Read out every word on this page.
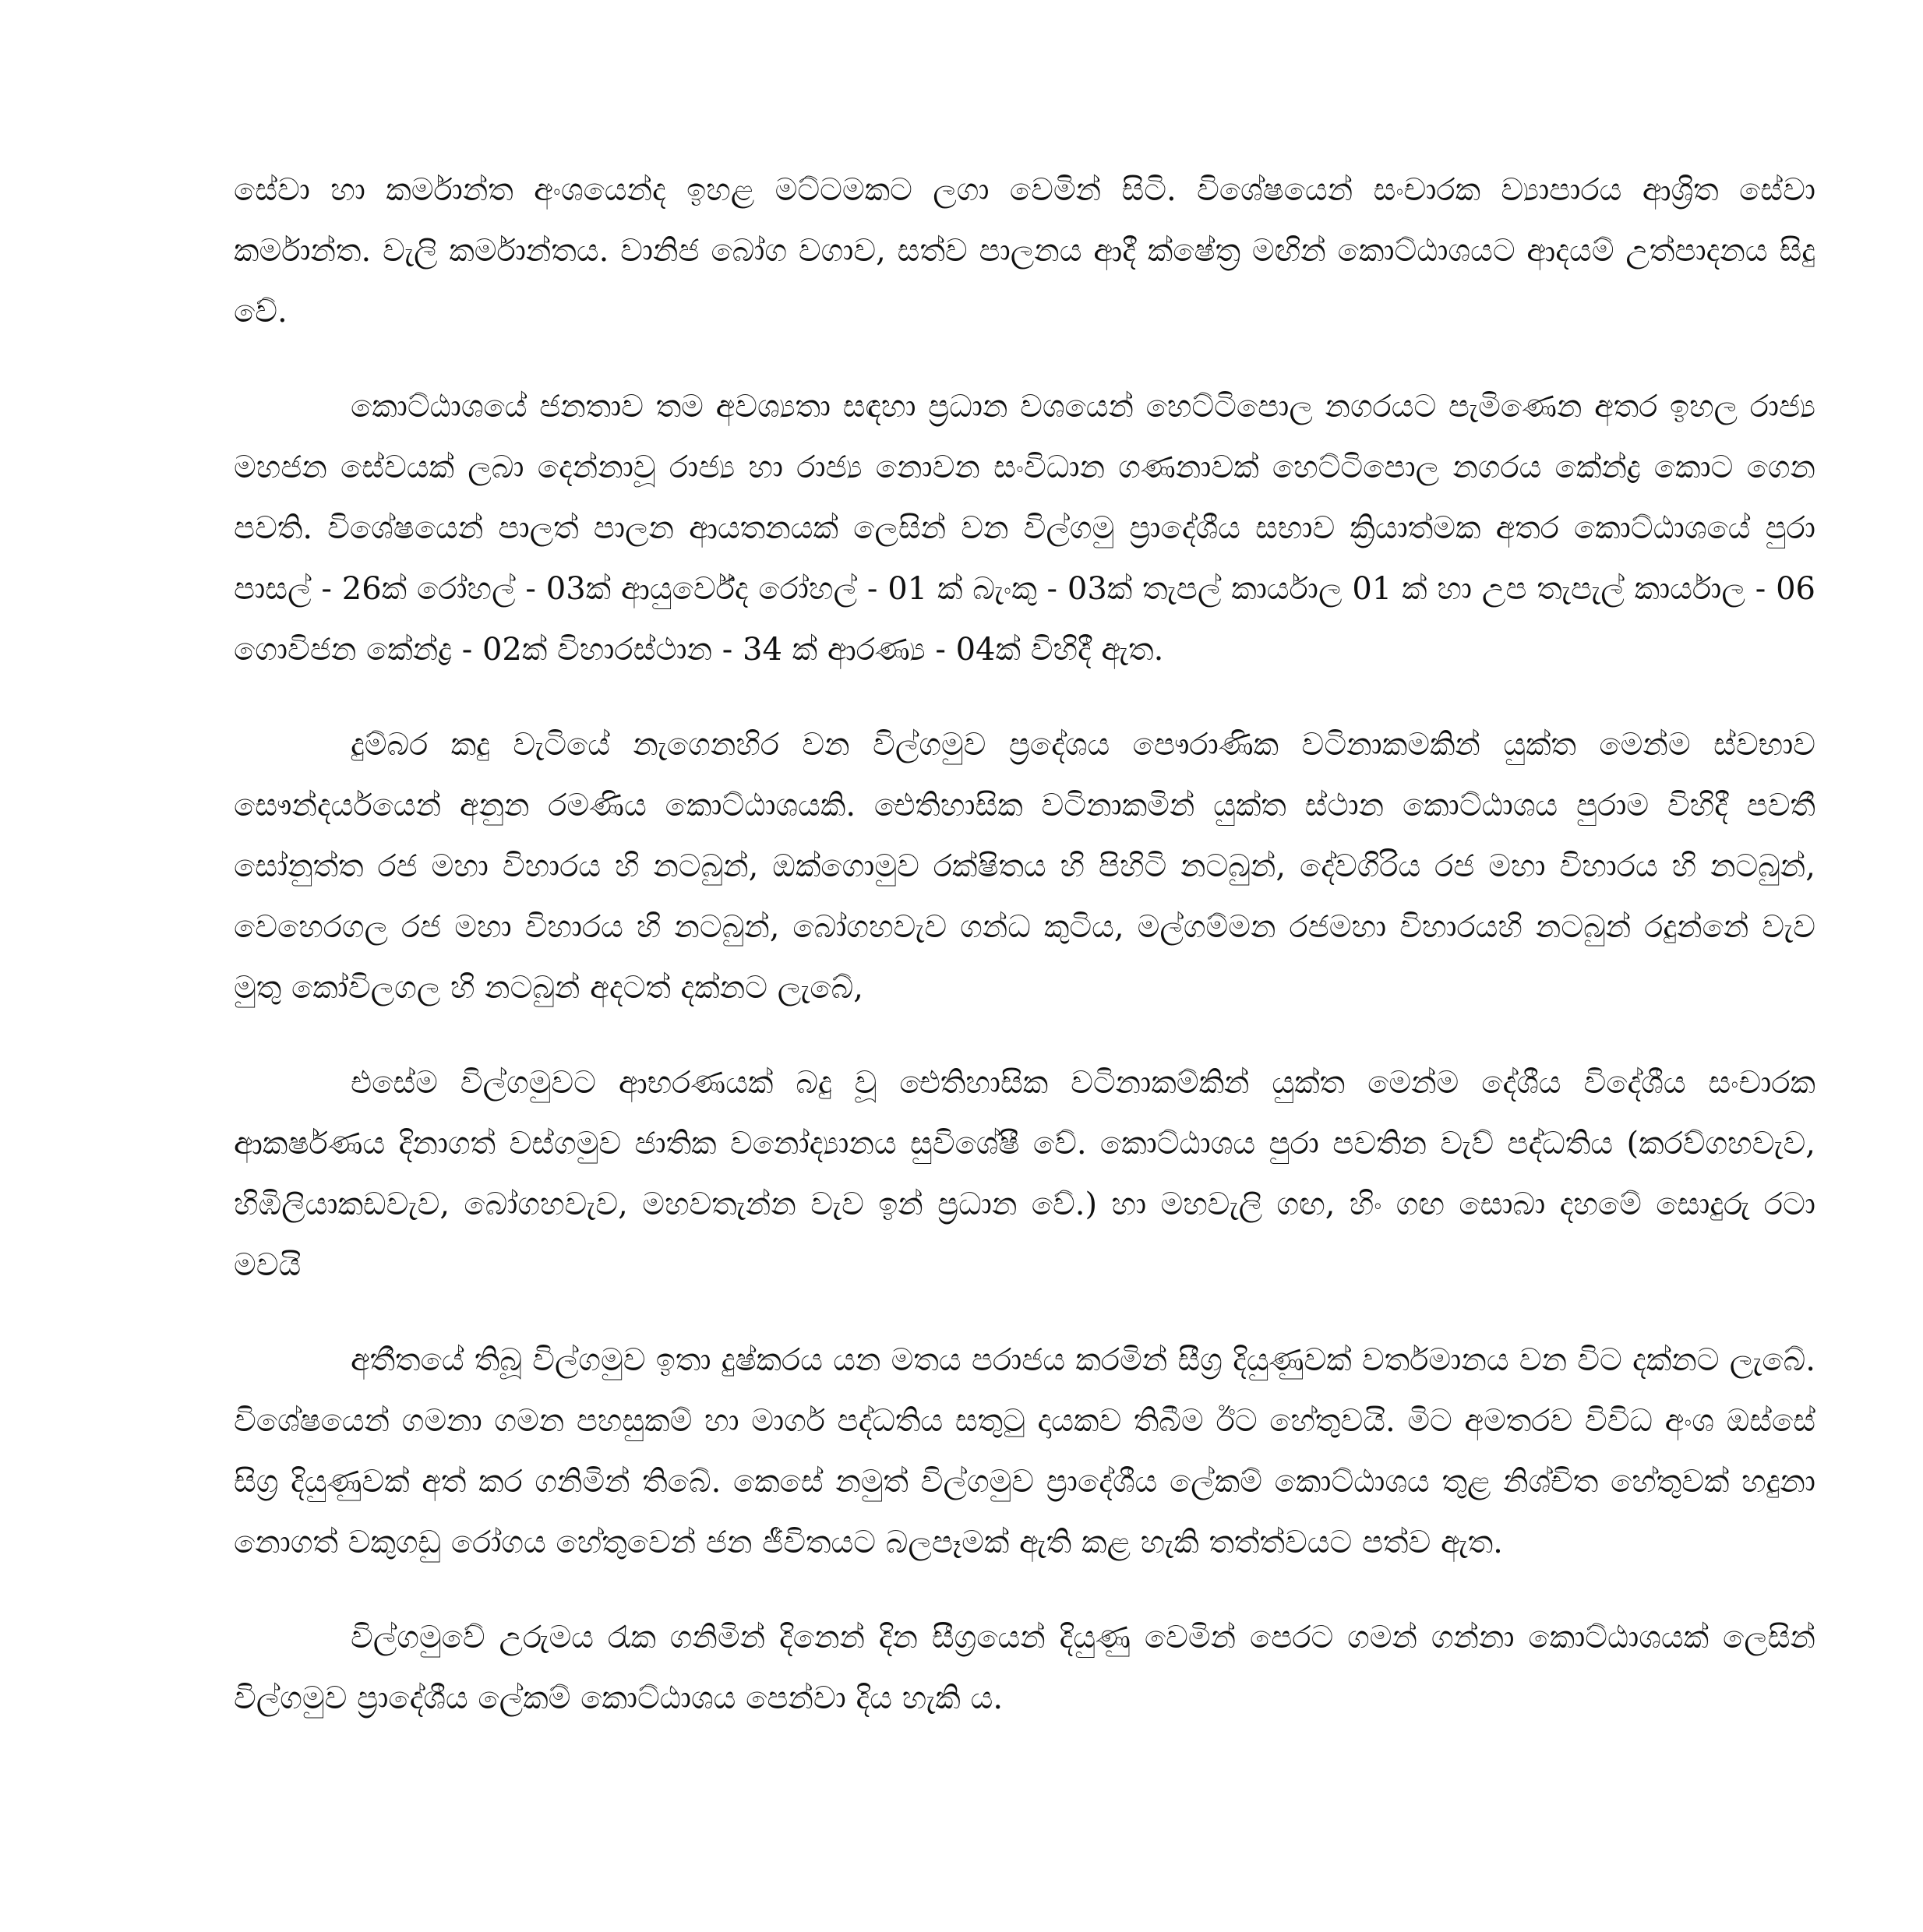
සේවා හා කර්මාන්ත අංශයෙන්ද ඉහළ මට්ටමකට ලගා වෙමින් සිටි. විශේෂයෙන් සංචාරක ව්‍යාපාරය ආශ්‍රිත සේවා කර්මාන්ත. වැලි කර්මාන්තය. වානිජ බෝග වගාව, සත්ව පාලනය ආදී ක්ෂේත්‍ර මඟින් කොට්ඨාශයට ආදයම් උත්පාදනය සිදු වේ.

කොට්ඨාශයේ ජනතාව තම අවශ්‍යතා සඳහා ප්‍රධාන වශයෙන් හෙට්ටිපොල නගරයට පැමිණෙන අතර ඉහල රාජ්‍ය මහජන සේවයක් ලබා දෙන්නාවූ රාජ්‍ය හා රාජ්‍ය නොවන සංවිධාන ගණනාවක් හෙට්ටිපොල නගරය කේන්ද්‍ර කොට ගෙන පවති. විශේෂයෙන් පාලත් පාලන ආයතනයක් ලෙසින් වන විල්ගමු ප්‍රාදේශීය සභාව ක්‍රියාත්මක අතර කොට්ඨාශයේ පුරා පාසල් - 26ක් රෝහල් - 03ක් ආයුර්වේද රෝහල් - 01 ක් බැංකු - 03ක් තැපල් කාර්යාල 01 ක් හා උප තැපැල් කාර්යාල - 06 ගොවිජන කේන්ද්‍ර - 02ක් විහාරස්ථාන - 34 ක් ආරණ්‍ය - 04ක් විහිදී ඇත.

දුම්බර කදු වැටියේ නැගෙනහිර වන විල්ගමුව ප්‍රදේශය පෞරාණික වටිනාකමකින් යුක්ත මෙන්ම ස්වභාව සෞන්දර්යයෙන් අනුන රමණිය කොට්ඨාශයකි. ඓතිහාසික වටිනාකමින් යුක්ත ස්ථාන කොට්ඨාශය පුරාම විහිදී පවතී සෝනුත්ත රජ මහා විහාරය හි නටබුන්, ඔක්ගොමුව රක්ෂිතය හි පිහිටි නටබුන්, දේවගිරිය රජ මහා විහාරය හි නටබුන්, වෙහෙරගල රජ මහා විහාරය හි නටබුන්, බෝගහවැව ගන්ධ කුටිය, මල්ගම්මන රජමහා විහාරයහි නටබුන් රදුන්නේ වැව මුතු කෝවිලගල හි නටබුන් අදටත් දක්නට ලැබේ,

එසේම විල්ගමුවට ආභරණයක් බදු වූ ඓතිහාසික වටිනාකම්කින් යුක්ත මෙන්ම දේශීය විදේශීය සංචාරක ආකර්ෂණය දිනාගත් වස්ගමුව ජාතික වනෝද්‍යානය සුවිශේෂී වේ. කොට්ඨාශය පුරා පවතින වැව් පද්ධතිය (කරව්ගහවැව, හිඹිලියාකඩවැව, බෝගහවැව, මහවතැන්න වැව ඉන් ප්‍රධාන වේ.) හා මහවැලි ගඟ, හිං ගඟ සොබා දහමේ සොදුරු රටා මවයි

අතීතයේ තිබූ විල්ගමුව ඉතා දුෂ්කරය යන මතය පරාජය කරමින් සීග්‍ර දියුණුවක් වර්තමානය වන විට දක්නට ලැබේ. විශේෂයෙන් ගමනා ගමන පහසුකම් හා මාර්ග පද්ධතිය සතුටු දායකව තිබීම ඊට හේතුවයි. මිට අමතරව විවිධ අංශ ඔස්සේ සිග්‍ර දියුණුවක් අත් කර ගනිමින් තිබේ. කෙසේ නමුත් විල්ගමුව ප්‍රාදේශීය ලේකම් කොට්ඨාශය තුළ නිශ්චිත හේතුවක් හදුනා නොගත් වකුගඩු රෝගය හේතුවෙන් ජන ජීවිතයට බලපෑමක් ඇති කළ හැකි තත්ත්වයට පත්ව ඇත.

විල්ගමුවේ උරුමය රැක ගනිමින් දිනෙන් දින සීග්‍රයෙන් දියුණු වෙමින් පෙරට ගමන් ගන්නා කොට්ඨාශයක් ලෙසින් විල්ගමුව ප්‍රාදේශීය ලේකම් කොට්ඨාශය පෙන්වා දිය හැකි ය.
